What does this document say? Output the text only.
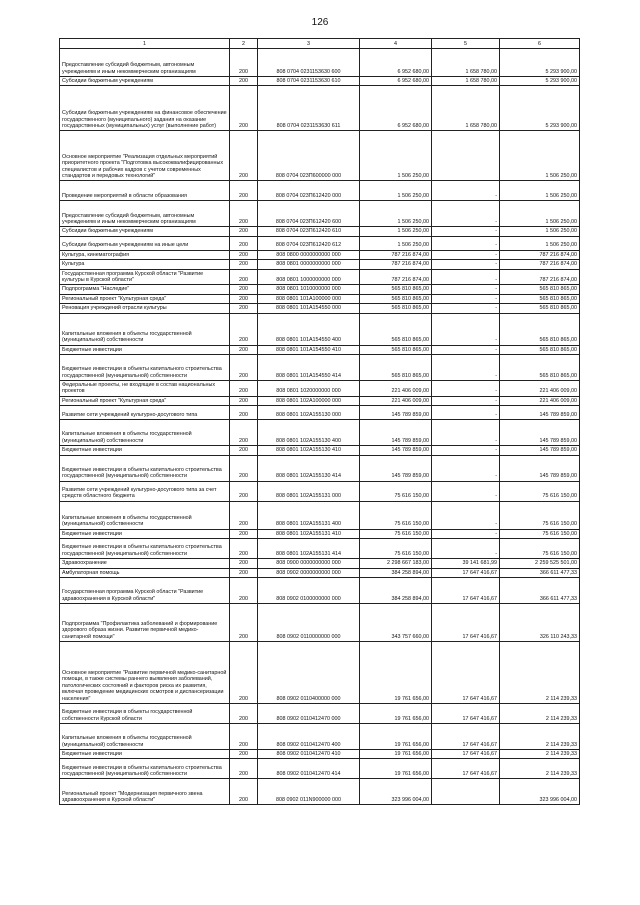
126
1	2	3	4	5	6
Предоставление субсидий бюджетным, автономным учреждениям и иным некоммерческим организациям	200	808 0704 0231153630 600	6 952 680,00	1 658 780,00	5 293 900,00
Субсидии бюджетным учреждениям	200	808 0704 0231153630 610	6 952 680,00	1 658 780,00	5 293 900,00
Субсидии бюджетным учреждениям на финансовое обеспечение государственного (муниципального) задания на оказание государственных (муниципальных) услуг (выполнение работ)	200	808 0704 0231153630 611	6 952 680,00	1 658 780,00	5 293 900,00
Основное мероприятие "Реализация отдельных мероприятий приоритетного проекта "Подготовка высококвалифицированных специалистов и рабочих кадров с учетом современных стандартов и передовых технологий"	200	808 0704 023П600000 000	1 506 250,00		1 506 250,00
Проведение мероприятий в области образования	200	808 0704 023П612420 000	1 506 250,00	-	1 506 250,00
Предоставление субсидий бюджетным, автономным учреждениям и иным некоммерческим организациям	200	808 0704 023П612420 600	1 506 250,00	-	1 506 250,00
Субсидии бюджетным учреждениям	200	808 0704 023П612420 610	1 506 250,00	-	1 506 250,00
Субсидии бюджетным учреждениям на иные цели	200	808 0704 023П612420 612	1 506 250,00	-	1 506 250,00
Культура, кинематография	200	808 0800 0000000000 000	787 216 874,00	-	787 216 874,00
Культура	200	808 0801 0000000000 000	787 216 874,00	-	787 216 874,00
Государственная программа Курской области "Развитие культуры в Курской области"	200	808 0801 1000000000 000	787 216 874,00	-	787 216 874,00
Подпрограмма "Наследие"	200	808 0801 1010000000 000	565 810 865,00	-	565 810 865,00
Региональный проект "Культурная среда"	200	808 0801 101А100000 000	565 810 865,00	-	565 810 865,00
Реновация учреждений отрасли культуры	200	808 0801 101А154550 000	565 810 865,00	-	565 810 865,00
Капитальные вложения в объекты государственной (муниципальной) собственности	200	808 0801 101А154550 400	565 810 865,00	-	565 810 865,00
Бюджетные инвестиции	200	808 0801 101А154550 410	565 810 865,00	-	565 810 865,00
Бюджетные инвестиции в объекты капитального строительства государственной (муниципальной) собственности	200	808 0801 101А154550 414	565 810 865,00	-	565 810 865,00
Федеральные проекты, не входящие в состав национальных проектов	200	808 0801 1020000000 000	221 406 009,00	-	221 406 009,00
Региональный проект "Культурная среда"	200	808 0801 102А100000 000	221 406 009,00	-	221 406 009,00
Развитие сети учреждений культурно-досугового типа	200	808 0801 102А155130 000	145 789 859,00	-	145 789 859,00
Капитальные вложения в объекты государственной (муниципальной) собственности	200	808 0801 102А155130 400	145 789 859,00	-	145 789 859,00
Бюджетные инвестиции	200	808 0801 102А155130 410	145 789 859,00	-	145 789 859,00
Бюджетные инвестиции в объекты капитального строительства государственной (муниципальной) собственности	200	808 0801 102А155130 414	145 789 859,00	-	145 789 859,00
Развитие сети учреждений культурно-досугового типа за счет средств областного бюджета	200	808 0801 102А155131 000	75 616 150,00	-	75 616 150,00
Капитальные вложения в объекты государственной (муниципальной) собственности	200	808 0801 102А155131 400	75 616 150,00	-	75 616 150,00
Бюджетные инвестиции	200	808 0801 102А155131 410	75 616 150,00	-	75 616 150,00
Бюджетные инвестиции в объекты капитального строительства государственной (муниципальной) собственности	200	808 0801 102А155131 414	75 616 150,00	-	75 616 150,00
Здравоохранение	200	808 0900 0000000000 000	2 298 667 183,00	39 141 681,99	2 259 525 501,00
Амбулаторная помощь	200	808 0902 0000000000 000	384 258 894,00	17 647 416,67	366 611 477,33
Государственная программа Курской области "Развитие здравоохранения в Курской области"	200	808 0902 0100000000 000	384 258 894,00	17 647 416,67	366 611 477,33
Подпрограмма "Профилактика заболеваний и формирование здорового образа жизни. Развитие первичной медико-санитарной помощи"	200	808 0902 0110000000 000	343 757 660,00	17 647 416,67	326 110 243,33
Основное мероприятие "Развитие первичной медико-санитарной помощи, в также системы раннего выявления заболеваний, патологических состояний и факторов риска их развития, включая проведение медицинских осмотров и диспансеризации населения"	200	808 0902 0110400000 000	19 761 656,00	17 647 416,67	2 114 239,33
Бюджетные инвестиции в объекты государственной собственности Курской области	200	808 0902 0110412470 000	19 761 656,00	17 647 416,67	2 114 239,33
Капитальные вложения в объекты государственной (муниципальной) собственности	200	808 0902 0110412470 400	19 761 656,00	17 647 416,67	2 114 239,33
Бюджетные инвестиции	200	808 0902 0110412470 410	19 761 656,00	17 647 416,67	2 114 239,33
Бюджетные инвестиции в объекты капитального строительства государственной (муниципальной) собственности	200	808 0902 0110412470 414	19 761 656,00	17 647 416,67	2 114 239,33
Региональный проект "Модернизация первичного звена здравоохранения в Курской области"	200	808 0902 011N900000 000	323 996 004,00		323 996 004,00
